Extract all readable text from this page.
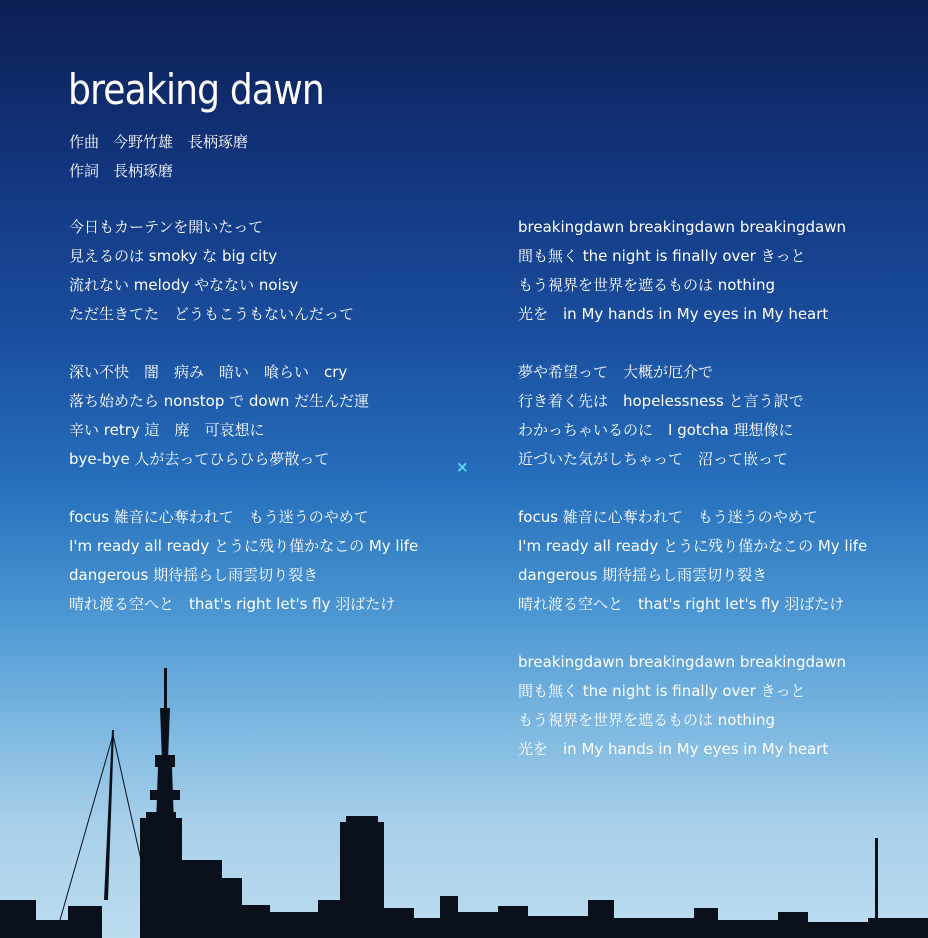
breaking dawn
作曲 今野竹雄　長柄琢磨
作詞 長柄琢磨
今日もカーテンを開いたって
見えるのは smoky な big city
流れない melody やなない noisy
ただ生きてた　どうもこうもないんだって
深い不快　闇　病み　暗い　喰らい　cry
落ち始めたら nonstop で down だ生んだ運
辛い retry 這　廃　可哀想に
bye-bye 人が去ってひらひら夢散って
focus 雑音に心奪われて　もう迷うのやめて
I'm ready all ready とうに残り僅かなこの My life
dangerous 期待揺らし雨雲切り裂き
晴れ渡る空へと　that's right let's fly 羽ばたけ
breakingdawn breakingdawn breakingdawn
間も無く the night is finally over きっと
もう視界を世界を遮るものは nothing
光を　in My hands in My eyes in My heart
夢や希望って　大概が厄介で
行き着く先は　hopelessness と言う訳で
わかっちゃいるのに　I gotcha 理想像に
近づいた気がしちゃって　沼って嵌って
focus 雑音に心奪われて　もう迷うのやめて
I'm ready all ready とうに残り僅かなこの My life
dangerous 期待揺らし雨雲切り裂き
晴れ渡る空へと　that's right let's fly 羽ばたけ
breakingdawn breakingdawn breakingdawn
間も無く the night is finally over きっと
もう視界を世界を遮るものは nothing
光を　in My hands in My eyes in My heart
×
